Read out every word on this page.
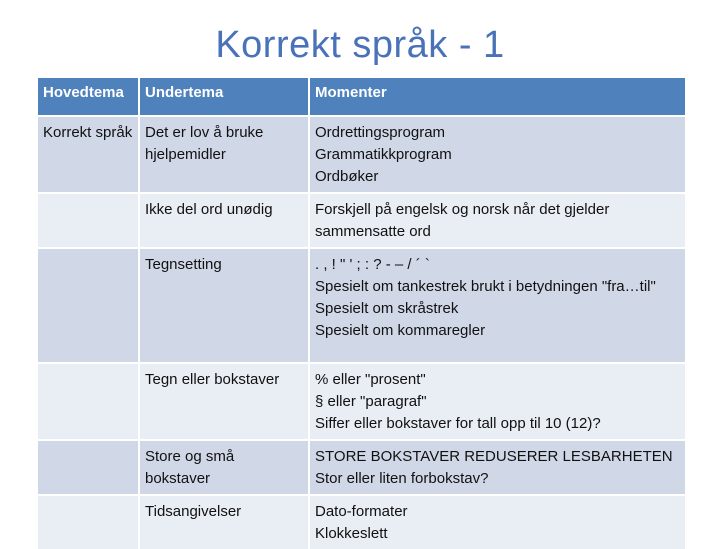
Korrekt språk - 1
Hovedtema	Undertema	Momenter
Korrekt språk	Det er lov å bruke hjelpemidler	Ordrettingsprogram
Grammatikkprogram
Ordbøker

	Ikke del ord unødig	Forskjell på engelsk og norsk når det gjelder sammensatte ord

	Tegnsetting	. , ! " ' ; : ? - – / ´ `
Spesielt om tankestrek brukt i betydningen "fra…til"
Spesielt om skråstrek
Spesielt om kommaregler

	Tegn eller bokstaver	% eller "prosent"
§ eller "paragraf"
Siffer eller bokstaver for tall opp til 10 (12)?

	Store og små bokstaver	STORE BOKSTAVER REDUSERER LESBARHETEN
Stor eller liten forbokstav?

	Tidsangivelser	Dato-formater
Klokkeslett
